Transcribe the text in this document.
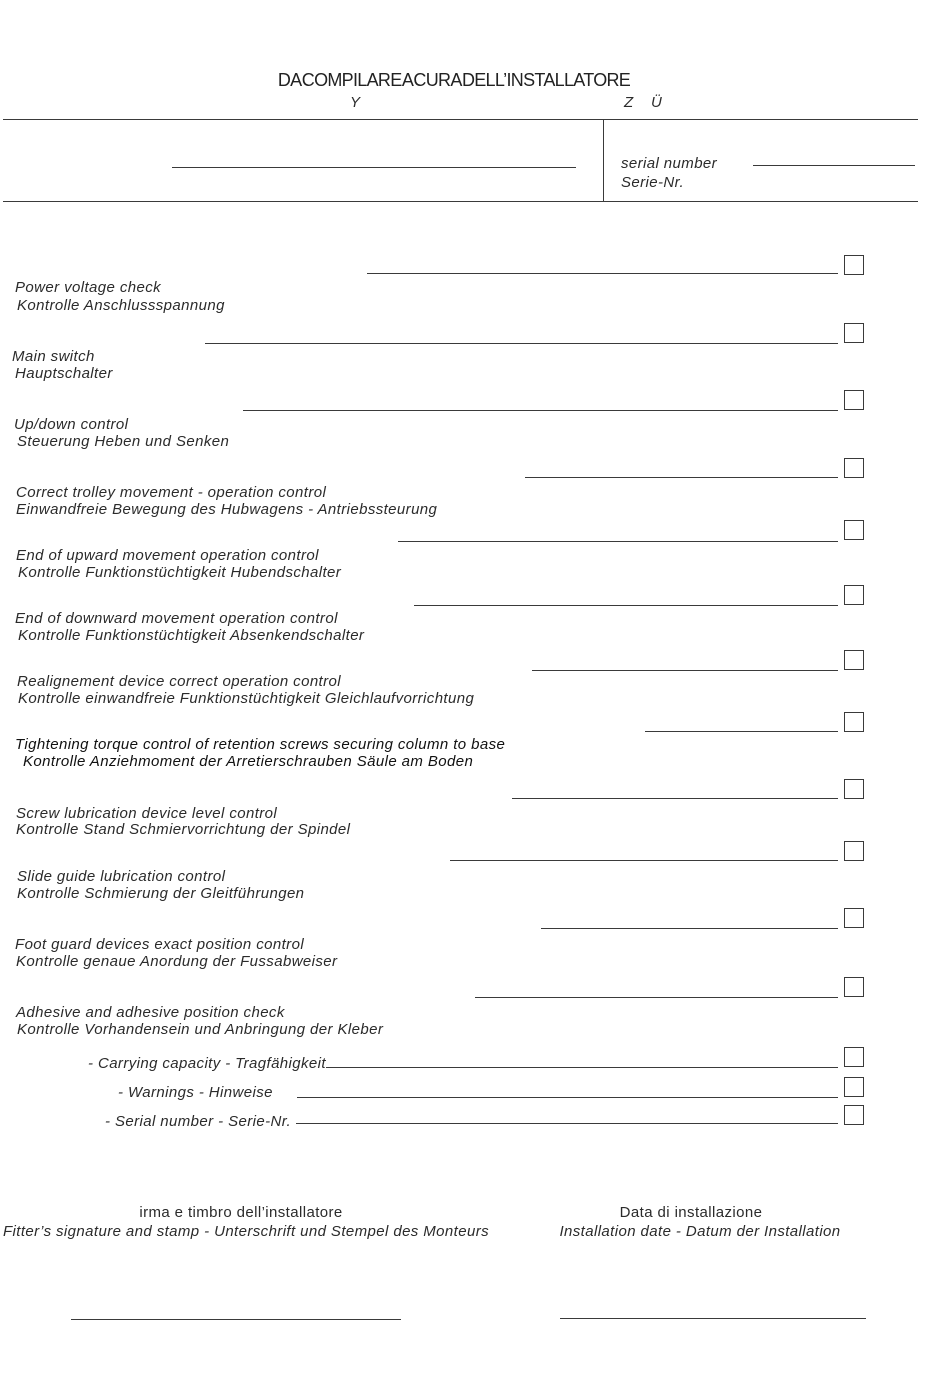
DA COMPILARE A CURA DELL’INSTALLATORE
Y	Z Ü
serial number
Serie-Nr.
Power voltage check
Kontrolle Anschlussspannung
Main switch
Hauptschalter
Up/down control
Steuerung Heben und Senken
Correct trolley movement - operation control
Einwandfreie Bewegung des Hubwagens - Antriebssteurung
End of upward movement operation control
Kontrolle Funktionstüchtigkeit Hubendschalter
End of downward movement operation control
Kontrolle Funktionstüchtigkeit Absenkendschalter
Realignement device correct operation control
Kontrolle einwandfreie Funktionstüchtigkeit Gleichlaufvorrichtung
Tightening torque control of retention screws securing column to base
Kontrolle Anziehmoment der Arretierschrauben Säule am Boden
Screw lubrication device level control
Kontrolle Stand Schmiervorrichtung der Spindel
Slide guide lubrication control
Kontrolle Schmierung der Gleitführungen
Foot guard devices exact position control
Kontrolle genaue Anordung der Fussabweiser
Adhesive and adhesive position check
Kontrolle Vorhandensein und Anbringung der Kleber
- Carrying capacity - Tragfähigkeit
- Warnings - Hinweise
- Serial number - Serie-Nr.
irma e timbro dell’installatore
Fitter’s signature and stamp - Unterschrift und Stempel des Monteurs
Data di installazione
Installation date - Datum der Installation
